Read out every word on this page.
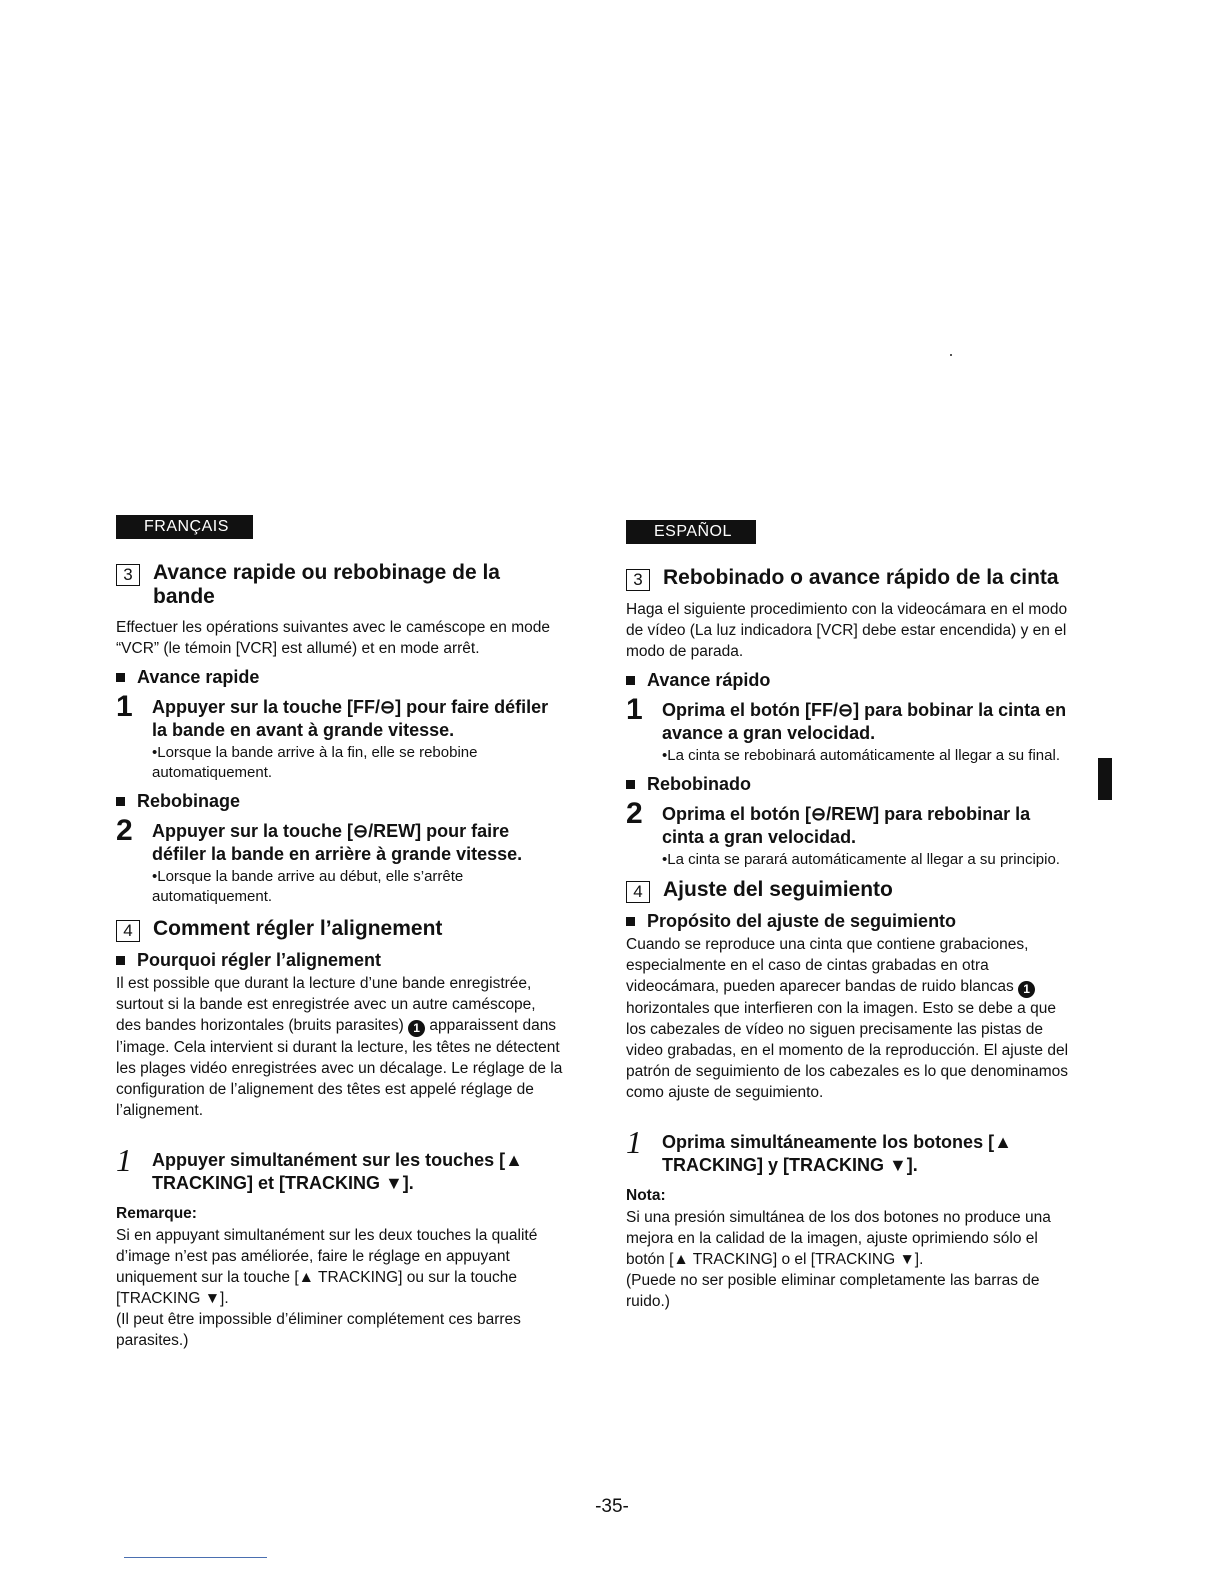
FRANÇAIS
3 Avance rapide ou rebobinage de la bande
Effectuer les opérations suivantes avec le caméscope en mode “VCR” (le témoin [VCR] est allumé) et en mode arrêt.
Avance rapide
1	Appuyer sur la touche [FF/⊖] pour faire défiler la bande en avant à grande vitesse.
•Lorsque la bande arrive à la fin, elle se rebobine automatiquement.
Rebobinage
2	Appuyer sur la touche [⊖/REW] pour faire défiler la bande en arrière à grande vitesse.
•Lorsque la bande arrive au début, elle s’arrête automatiquement.
4 Comment régler l’alignement
Pourquoi régler l’alignement
Il est possible que durant la lecture d’une bande enregistrée, surtout si la bande est enregistrée avec un autre caméscope, des bandes horizontales (bruits parasites) 1 apparaissent dans l’image. Cela intervient si durant la lecture, les têtes ne détectent les plages vidéo enregistrées avec un décalage. Le réglage de la configuration de l’alignement des têtes est appelé réglage de l’alignement.
1	Appuyer simultanément sur les touches [▲ TRACKING] et [TRACKING ▼].
Remarque:
Si en appuyant simultanément sur les deux touches la qualité d’image n’est pas améliorée, faire le réglage en appuyant uniquement sur la touche [▲ TRACKING] ou sur la touche [TRACKING ▼].
(Il peut être impossible d’éliminer complétement ces barres parasites.)
ESPAÑOL
3 Rebobinado o avance rápido de la cinta
Haga el siguiente procedimiento con la videocámara en el modo de vídeo (La luz indicadora [VCR] debe estar encendida) y en el modo de parada.
Avance rápido
1	Oprima el botón [FF/⊖] para bobinar la cinta en avance a gran velocidad.
•La cinta se rebobinará automáticamente al llegar a su final.
Rebobinado
2	Oprima el botón [⊖/REW] para rebobinar la cinta a gran velocidad.
•La cinta se parará automáticamente al llegar a su principio.
4 Ajuste del seguimiento
Propósito del ajuste de seguimiento
Cuando se reproduce una cinta que contiene grabaciones, especialmente en el caso de cintas grabadas en otra videocámara, pueden aparecer bandas de ruido blancas 1 horizontales que interfieren con la imagen. Esto se debe a que los cabezales de vídeo no siguen precisamente las pistas de video grabadas, en el momento de la reproducción. El ajuste del patrón de seguimiento de los cabezales es lo que denominamos como ajuste de seguimiento.
1	Oprima simultáneamente los botones [▲ TRACKING] y [TRACKING ▼].
Nota:
Si una presión simultánea de los dos botones no produce una mejora en la calidad de la imagen, ajuste oprimiendo sólo el botón [▲ TRACKING] o el [TRACKING ▼].
(Puede no ser posible eliminar completamente las barras de ruido.)
-35-
